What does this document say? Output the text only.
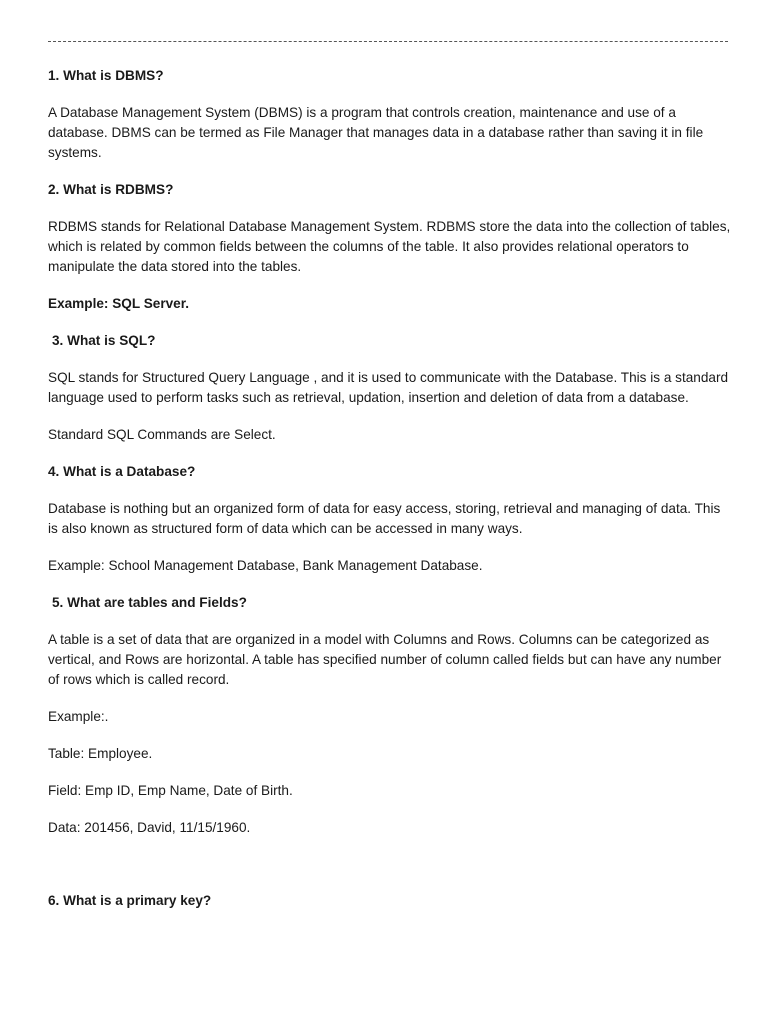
1. What is DBMS?

A Database Management System (DBMS) is a program that controls creation, maintenance and use of a database. DBMS can be termed as File Manager that manages data in a database rather than saving it in file systems.

2. What is RDBMS?

RDBMS stands for Relational Database Management System. RDBMS store the data into the collection of tables, which is related by common fields between the columns of the table. It also provides relational operators to manipulate the data stored into the tables.

Example: SQL Server.

3. What is SQL?

SQL stands for Structured Query Language , and it is used to communicate with the Database. This is a standard language used to perform tasks such as retrieval, updation, insertion and deletion of data from a database.

Standard SQL Commands are Select.

4. What is a Database?

Database is nothing but an organized form of data for easy access, storing, retrieval and managing of data. This is also known as structured form of data which can be accessed in many ways.

Example: School Management Database, Bank Management Database.

5. What are tables and Fields?

A table is a set of data that are organized in a model with Columns and Rows. Columns can be categorized as vertical, and Rows are horizontal. A table has specified number of column called fields but can have any number of rows which is called record.

Example:.

Table: Employee.

Field: Emp ID, Emp Name, Date of Birth.

Data: 201456, David, 11/15/1960.

6. What is a primary key?
